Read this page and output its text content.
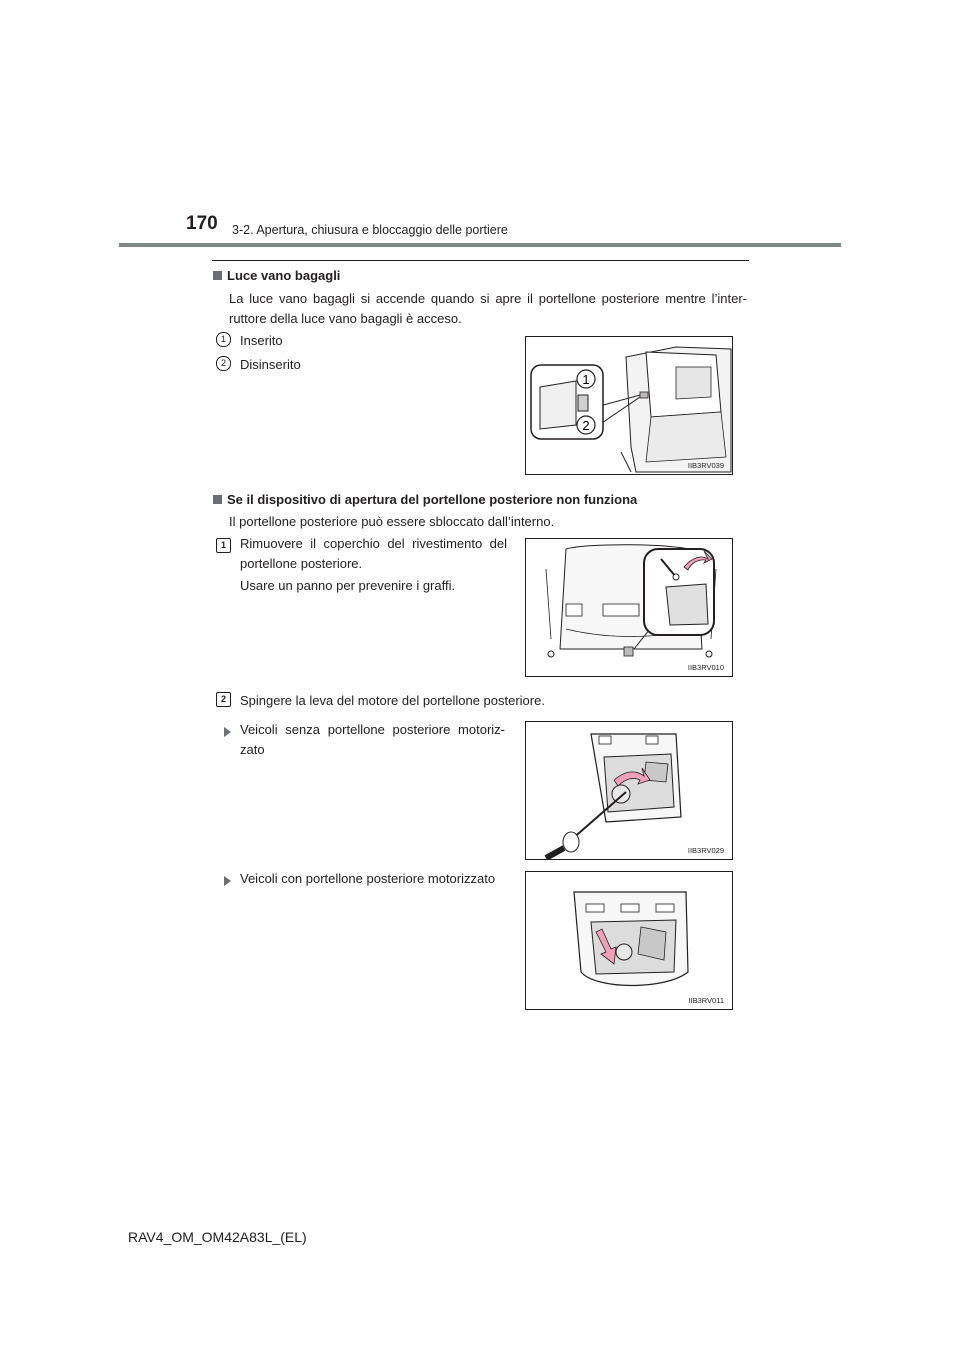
170 3-2. Apertura, chiusura e bloccaggio delle portiere
Luce vano bagagli
La luce vano bagagli si accende quando si apre il portellone posteriore mentre l’inter-ruttore della luce vano bagagli è acceso.
1	Inserito
2	Disinserito
1
2
IIB3RV039
Se il dispositivo di apertura del portellone posteriore non funziona
Il portellone posteriore può essere sbloccato dall’interno.
1	Rimuovere il coperchio del rivestimento del portellone posteriore.
Usare un panno per prevenire i graffi.
IIB3RV010
2	Spingere la leva del motore del portellone posteriore.
Veicoli senza portellone posteriore motoriz-zato
IIB3RV029
Veicoli con portellone posteriore motorizzato
IIB3RV011
RAV4_OM_OM42A83L_(EL)
